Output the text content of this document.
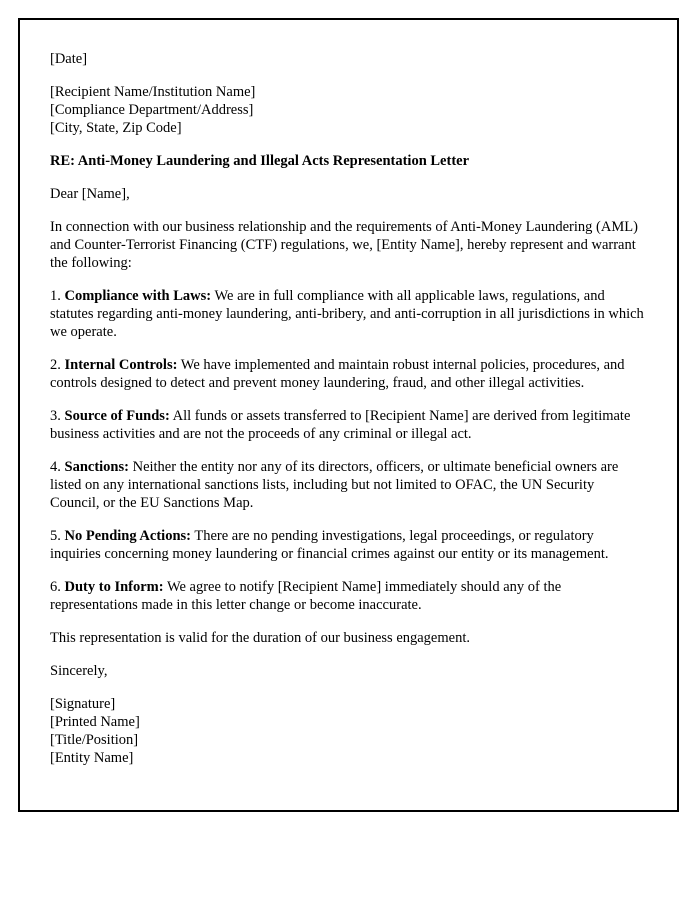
[Date]

[Recipient Name/Institution Name]
[Compliance Department/Address]
[City, State, Zip Code]

RE: Anti-Money Laundering and Illegal Acts Representation Letter

Dear [Name],

In connection with our business relationship and the requirements of Anti-Money Laundering (AML) and Counter-Terrorist Financing (CTF) regulations, we, [Entity Name], hereby represent and warrant the following:

1. Compliance with Laws: We are in full compliance with all applicable laws, regulations, and statutes regarding anti-money laundering, anti-bribery, and anti-corruption in all jurisdictions in which we operate.

2. Internal Controls: We have implemented and maintain robust internal policies, procedures, and controls designed to detect and prevent money laundering, fraud, and other illegal activities.

3. Source of Funds: All funds or assets transferred to [Recipient Name] are derived from legitimate business activities and are not the proceeds of any criminal or illegal act.

4. Sanctions: Neither the entity nor any of its directors, officers, or ultimate beneficial owners are listed on any international sanctions lists, including but not limited to OFAC, the UN Security Council, or the EU Sanctions Map.

5. No Pending Actions: There are no pending investigations, legal proceedings, or regulatory inquiries concerning money laundering or financial crimes against our entity or its management.

6. Duty to Inform: We agree to notify [Recipient Name] immediately should any of the representations made in this letter change or become inaccurate.

This representation is valid for the duration of our business engagement.

Sincerely,

[Signature]
[Printed Name]
[Title/Position]
[Entity Name]
